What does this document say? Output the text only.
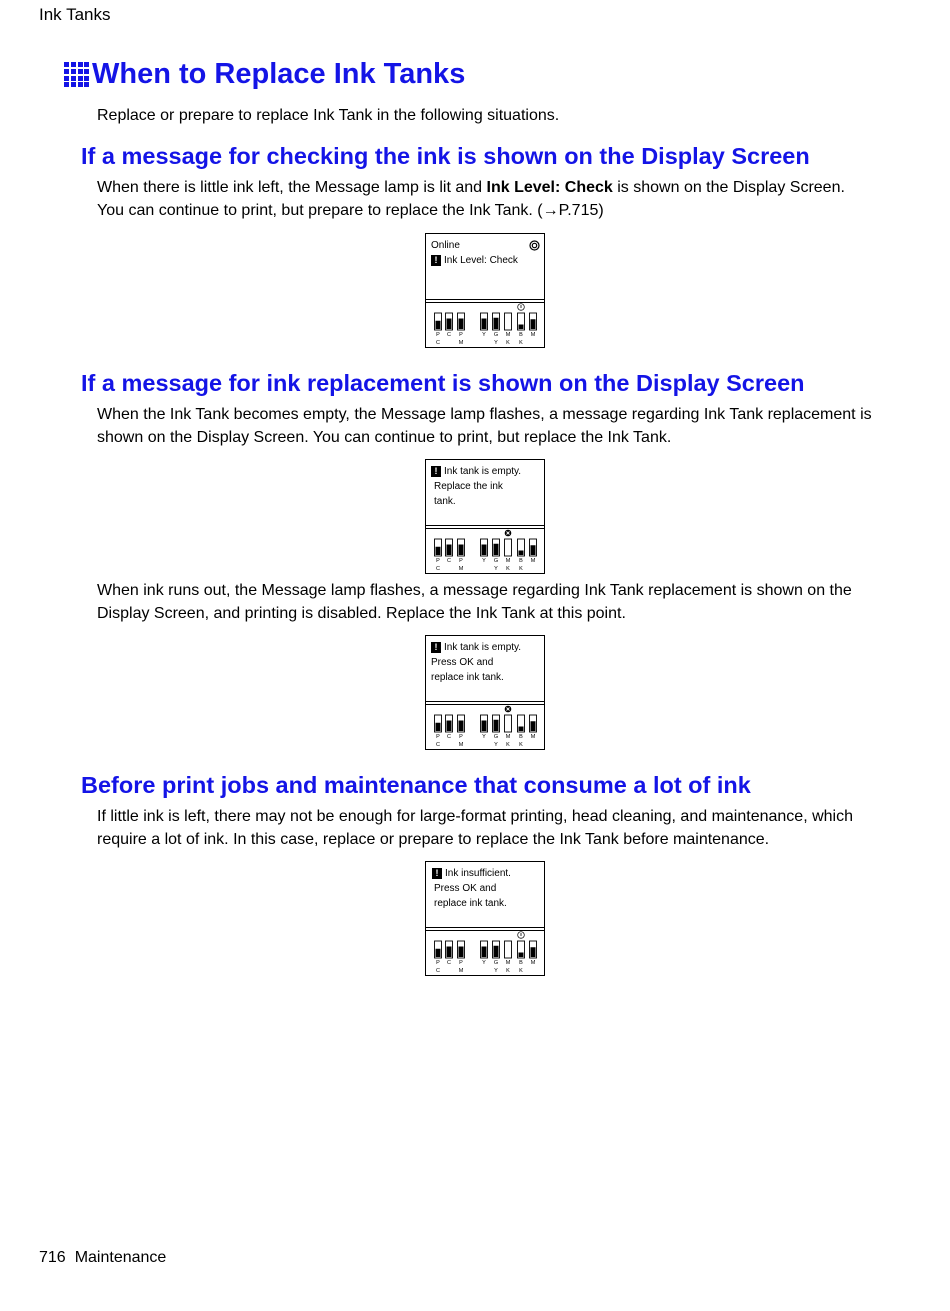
Ink Tanks
When to Replace Ink Tanks

Replace or prepare to replace Ink Tank in the following situations.

If a message for checking the ink is shown on the Display Screen

When there is little ink left, the Message lamp is lit and Ink Level: Check is shown on the Display Screen.
You can continue to print, but prepare to replace the Ink Tank. (→P.715)

Online
! Ink Level: Check
P
C
C P
M
Y G
Y
M
K
B
K
M
If a message for ink replacement is shown on the Display Screen

When the Ink Tank becomes empty, the Message lamp flashes, a message regarding Ink Tank replacement is shown on the Display Screen. You can continue to print, but replace the Ink Tank.

! Ink tank is empty.
Replace the ink
tank.
P
C
C P
M
Y G
Y
M
K
B
K
M

When ink runs out, the Message lamp flashes, a message regarding Ink Tank replacement is shown on the Display Screen, and printing is disabled. Replace the Ink Tank at this point.

! Ink tank is empty.
Press OK and
replace ink tank.
P
C
C P
M
Y G
Y
M
K
B
K
M
Before print jobs and maintenance that consume a lot of ink

If little ink is left, there may not be enough for large-format printing, head cleaning, and maintenance, which require a lot of ink. In this case, replace or prepare to replace the Ink Tank before maintenance.

! Ink insufficient.
Press OK and
replace ink tank.
P
C
C P
M
Y G
Y
M
K
B
K
M
716 Maintenance
